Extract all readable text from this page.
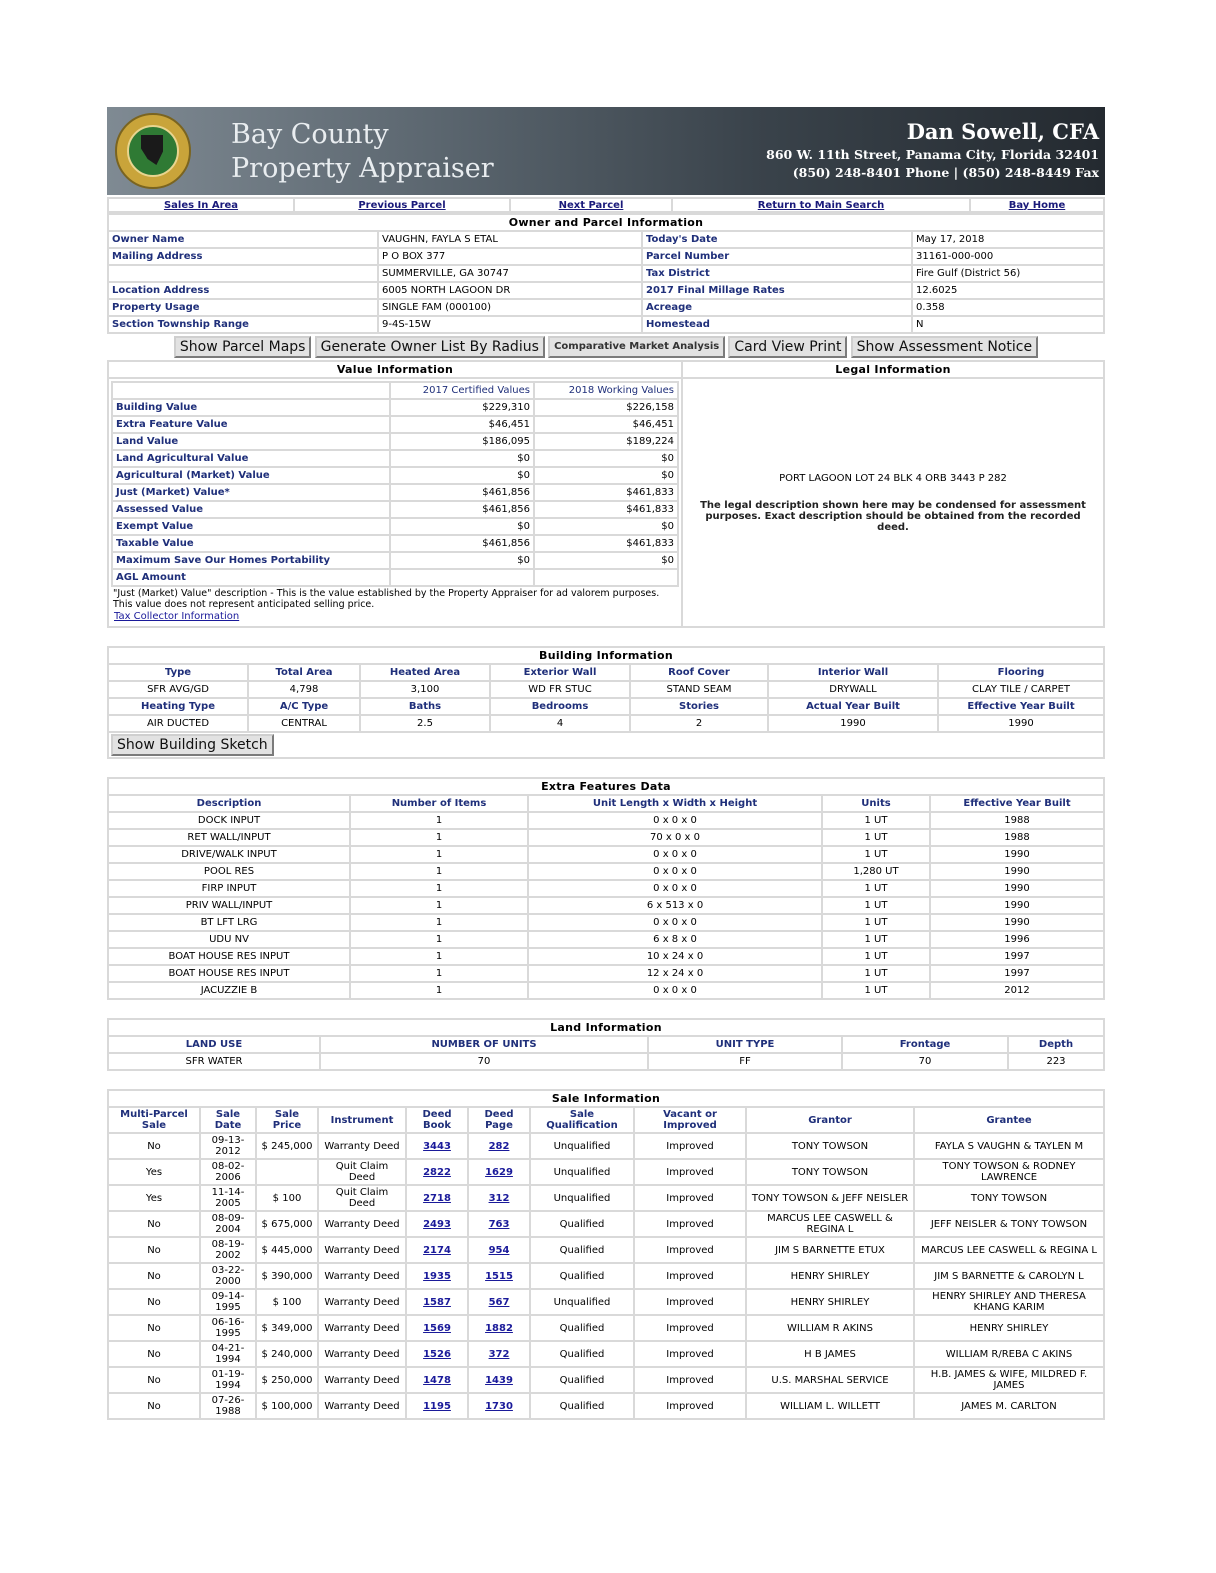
Bay County
Property Appraiser
Dan Sowell, CFA
860 W. 11th Street, Panama City, Florida 32401
(850) 248-8401 Phone | (850) 248-8449 Fax
Sales In Area	Previous Parcel	Next Parcel	Return to Main Search	Bay Home
Owner and Parcel Information			
Owner Name	VAUGHN, FAYLA S ETAL	Today's Date	May 17, 2018
Mailing Address	P O BOX 377	Parcel Number	31161-000-000
	SUMMERVILLE, GA 30747	Tax District	Fire Gulf (District 56)
Location Address	6005 NORTH LAGOON DR	2017 Final Millage Rates	12.6025
Property Usage	SINGLE FAM (000100)	Acreage	0.358
Section Township Range	9-4S-15W	Homestead	N
Show Parcel Maps Generate Owner List By Radius Comparative Market Analysis Card View Print Show Assessment Notice
Value Information	Legal Information

	2017 Certified Values	2018 Working Values
Building Value	$229,310	$226,158
Extra Feature Value	$46,451	$46,451
Land Value	$186,095	$189,224
Land Agricultural Value	$0	$0
Agricultural (Market) Value	$0	$0
Just (Market) Value*	$461,856	$461,833
Assessed Value	$461,856	$461,833
Exempt Value	$0	$0
Taxable Value	$461,856	$461,833
Maximum Save Our Homes Portability	$0	$0
AGL Amount		
"Just (Market) Value" description - This is the value established by the Property Appraiser for ad valorem purposes. This value does not represent anticipated selling price.
Tax Collector Information

PORT LAGOON LOT 24 BLK 4 ORB 3443 P 282
The legal description shown here may be condensed for assessment purposes. Exact description should be obtained from the recorded deed.
Building Information						
Type	Total Area	Heated Area	Exterior Wall	Roof Cover	Interior Wall	Flooring
SFR AVG/GD	4,798	3,100	WD FR STUC	STAND SEAM	DRYWALL	CLAY TILE / CARPET
Heating Type	A/C Type	Baths	Bedrooms	Stories	Actual Year Built	Effective Year Built
AIR DUCTED	CENTRAL	2.5	4	2	1990	1990
Show Building Sketch						
Extra Features Data				
Description	Number of Items	Unit Length x Width x Height	Units	Effective Year Built
DOCK INPUT	1	0 x 0 x 0	1 UT	1988
RET WALL/INPUT	1	70 x 0 x 0	1 UT	1988
DRIVE/WALK INPUT	1	0 x 0 x 0	1 UT	1990
POOL RES	1	0 x 0 x 0	1,280 UT	1990
FIRP INPUT	1	0 x 0 x 0	1 UT	1990
PRIV WALL/INPUT	1	6 x 513 x 0	1 UT	1990
BT LFT LRG	1	0 x 0 x 0	1 UT	1990
UDU NV	1	6 x 8 x 0	1 UT	1996
BOAT HOUSE RES INPUT	1	10 x 24 x 0	1 UT	1997
BOAT HOUSE RES INPUT	1	12 x 24 x 0	1 UT	1997
JACUZZIE B	1	0 x 0 x 0	1 UT	2012
Land Information				
LAND USE	NUMBER OF UNITS	UNIT TYPE	Frontage	Depth
SFR WATER	70	FF	70	223
Sale Information									
Multi-Parcel Sale	Sale Date	Sale Price	Instrument	Deed Book	Deed Page	Sale Qualification	Vacant or Improved	Grantor	Grantee
No	09-13-2012	$ 245,000	Warranty Deed	3443	282	Unqualified	Improved	TONY TOWSON	FAYLA S VAUGHN & TAYLEN M
Yes	08-02-2006		Quit Claim Deed	2822	1629	Unqualified	Improved	TONY TOWSON	TONY TOWSON & RODNEY LAWRENCE
Yes	11-14-2005	$ 100	Quit Claim Deed	2718	312	Unqualified	Improved	TONY TOWSON & JEFF NEISLER	TONY TOWSON
No	08-09-2004	$ 675,000	Warranty Deed	2493	763	Qualified	Improved	MARCUS LEE CASWELL & REGINA L	JEFF NEISLER & TONY TOWSON
No	08-19-2002	$ 445,000	Warranty Deed	2174	954	Qualified	Improved	JIM S BARNETTE ETUX	MARCUS LEE CASWELL & REGINA L
No	03-22-2000	$ 390,000	Warranty Deed	1935	1515	Qualified	Improved	HENRY SHIRLEY	JIM S BARNETTE & CAROLYN L
No	09-14-1995	$ 100	Warranty Deed	1587	567	Unqualified	Improved	HENRY SHIRLEY	HENRY SHIRLEY AND THERESA KHANG KARIM
No	06-16-1995	$ 349,000	Warranty Deed	1569	1882	Qualified	Improved	WILLIAM R AKINS	HENRY SHIRLEY
No	04-21-1994	$ 240,000	Warranty Deed	1526	372	Qualified	Improved	H B JAMES	WILLIAM R/REBA C AKINS
No	01-19-1994	$ 250,000	Warranty Deed	1478	1439	Qualified	Improved	U.S. MARSHAL SERVICE	H.B. JAMES & WIFE, MILDRED F. JAMES
No	07-26-1988	$ 100,000	Warranty Deed	1195	1730	Qualified	Improved	WILLIAM L. WILLETT	JAMES M. CARLTON
